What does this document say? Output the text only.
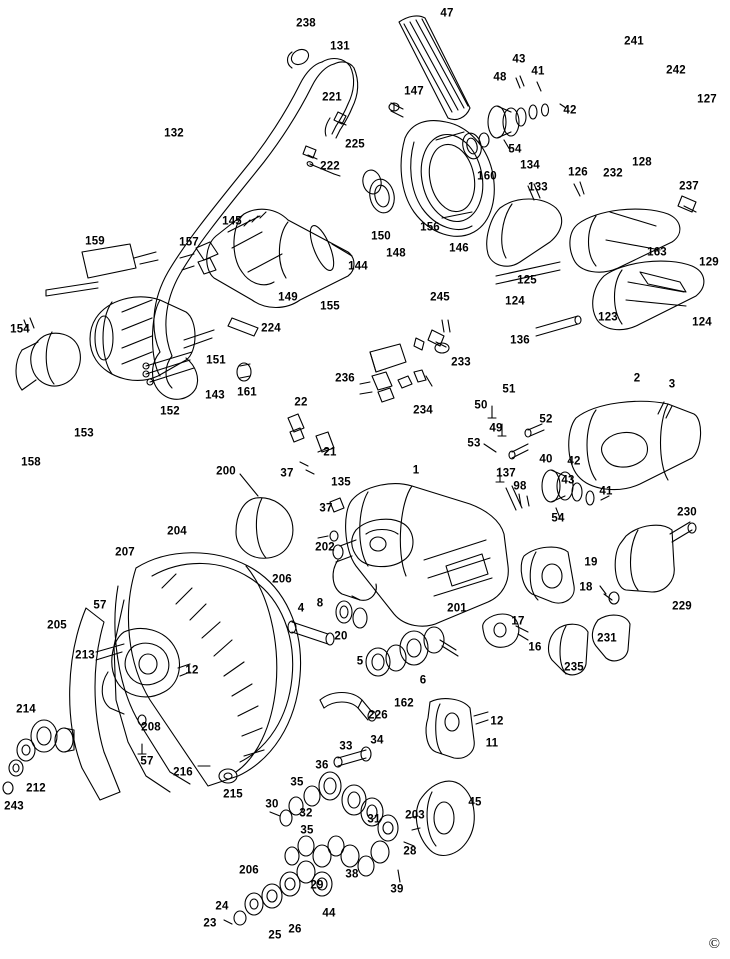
238
47
131
43
241
242
48 41
221	147
42
127
132
225	54
134	128
222
160	126 232
237
133
145
150
156
146	163
129
159	157
148
144
125
123
124
124
149
155
154	224
245
136
151	233
152
143 161
236
51
2 3
153
234	50
52
22
53
49
158
21
37	137
40 42
135
1
98	43
41
200
37
54	230
204
202
207
19
206
18
57	201	229
231
205
4 8
17
213
20
16
235
12
5
6
214	162
226	12
208
57
11
33 34
212
216
215
36
35
45
243	30
32	31 203
35
28
206	38
39
29
44
24
23
25 26
©
